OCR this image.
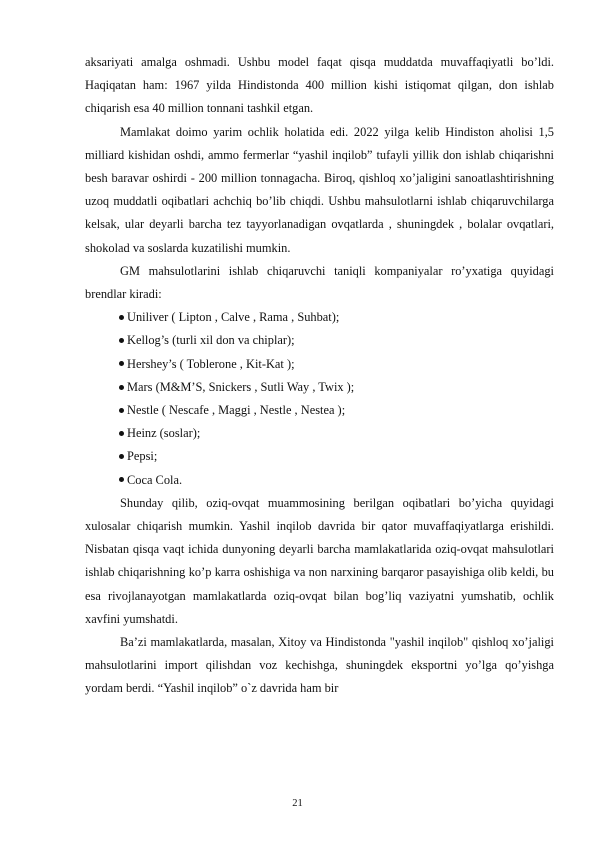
aksariyati amalga oshmadi. Ushbu model faqat qisqa muddatda muvaffaqiyatli bo’ldi. Haqiqatan ham: 1967 yilda Hindistonda 400 million kishi istiqomat qilgan, don ishlab chiqarish esa 40 million tonnani tashkil etgan.

Mamlakat doimo yarim ochlik holatida edi. 2022 yilga kelib Hindiston aholisi 1,5 milliard kishidan oshdi, ammo fermerlar “yashil inqilob” tufayli yillik don ishlab chiqarishni besh baravar oshirdi - 200 million tonnagacha. Biroq, qishloq xo’jaligini sanoatlashtirishning uzoq muddatli oqibatlari achchiq bo’lib chiqdi. Ushbu mahsulotlarni ishlab chiqaruvchilarga kelsak, ular deyarli barcha tez tayyorlanadigan ovqatlarda , shuningdek , bolalar ovqatlari, shokolad va soslarda kuzatilishi mumkin.

GM mahsulotlarini ishlab chiqaruvchi taniqli kompaniyalar ro’yxatiga quyidagi brendlar kiradi:

Unilіver ( Lipton , Calve , Rama , Suhbat);
Kellog’s (turli xil don va chiplar);
Hershey’s ( Toblerone , Kit-Kat );
Mars (M&M’S, Snickers , Sutli Way , Twix );
Nestle ( Nescafe , Maggi , Nestle , Nestea );
Heinz (soslar);
Pepsi;
Coca Cola.

Shunday qilib, oziq-ovqat muammosining berilgan oqibatlari bo’yicha quyidagi xulosalar chiqarish mumkin. Yashil inqilob davrida bir qator muvaffaqiyatlarga erishildi. Nisbatan qisqa vaqt ichida dunyoning deyarli barcha mamlakatlarida oziq-ovqat mahsulotlari ishlab chiqarishning ko’p karra oshishiga va non narxining barqaror pasayishiga olib keldi, bu esa rivojlanayotgan mamlakatlarda oziq-ovqat bilan bog’liq vaziyatni yumshatib, ochlik xavfini yumshatdi.

Ba’zi mamlakatlarda, masalan, Xitoy va Hindistonda "yashil inqilob" qishloq xo’jaligi mahsulotlarini import qilishdan voz kechishga, shuningdek eksportni yo’lga qo’yishga yordam berdi. “Yashil inqilob” o`z davrida ham bir

21
